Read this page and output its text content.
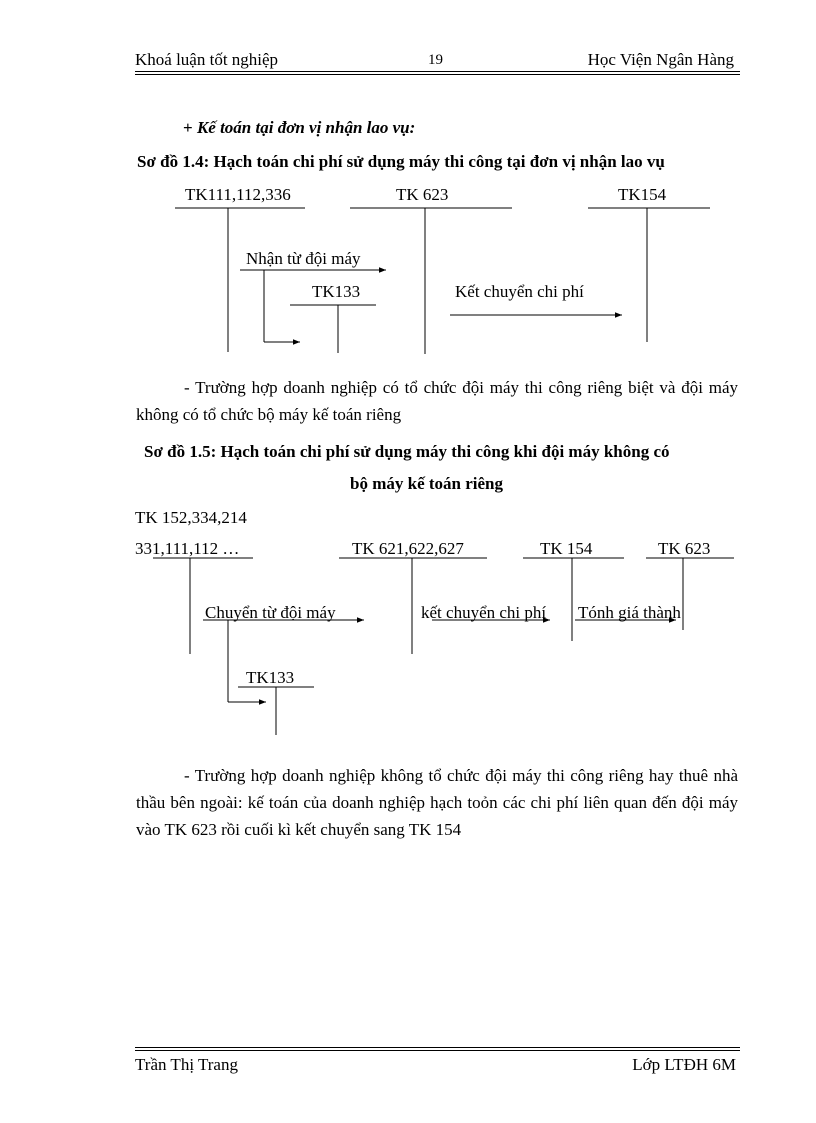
Khoá luận tốt nghiệp	19	Học Viện Ngân Hàng
+ Kế toán tại đơn vị nhận lao vụ:
Sơ đồ 1.4: Hạch toán chi phí sử dụng máy thi công tại đơn vị nhận lao vụ
TK111,112,336	TK 623	TK154
Nhận từ đội máy
TK133	Kết chuyển chi phí
- Trường hợp doanh nghiệp có tổ chức đội máy thi công riêng biệt và đội máy không có tổ chức bộ máy kế toán riêng
Sơ đồ 1.5: Hạch toán chi phí sử dụng máy thi công khi đội máy không có
bộ máy kế toán riêng
TK 152,334,214
331,111,112 …	TK 621,622,627	TK 154	TK 623
Chuyển từ đội máy	kết chuyển chi phí Tónh giá thành
TK133
- Trường hợp doanh nghiệp không tổ chức đội máy thi công riêng hay thuê nhà thầu bên ngoài: kế toán của doanh nghiệp hạch toỏn các chi phí liên quan đến đội máy vào TK 623 rồi cuối kì kết chuyển sang TK 154
Trần Thị Trang	Lớp LTĐH 6M
